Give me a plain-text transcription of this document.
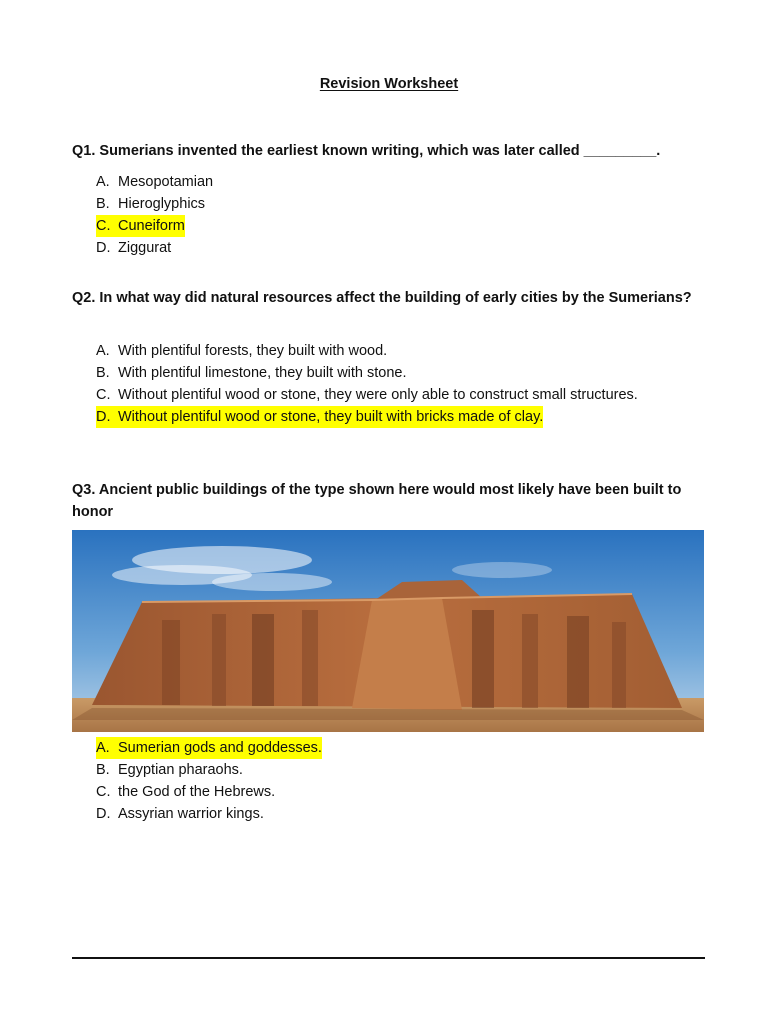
Revision Worksheet
Q1. Sumerians invented the earliest known writing, which was later called _________.
A. Mesopotamian
B. Hieroglyphics
C. Cuneiform
D. Ziggurat
Q2. In what way did natural resources affect the building of early cities by the Sumerians?
A. With plentiful forests, they built with wood.
B. With plentiful limestone, they built with stone.
C. Without plentiful wood or stone, they were only able to construct small structures.
D. Without plentiful wood or stone, they built with bricks made of clay.
Q3. Ancient public buildings of the type shown here would most likely have been built to honor
A. Sumerian gods and goddesses.
B. Egyptian pharaohs.
C. the God of the Hebrews.
D. Assyrian warrior kings.
